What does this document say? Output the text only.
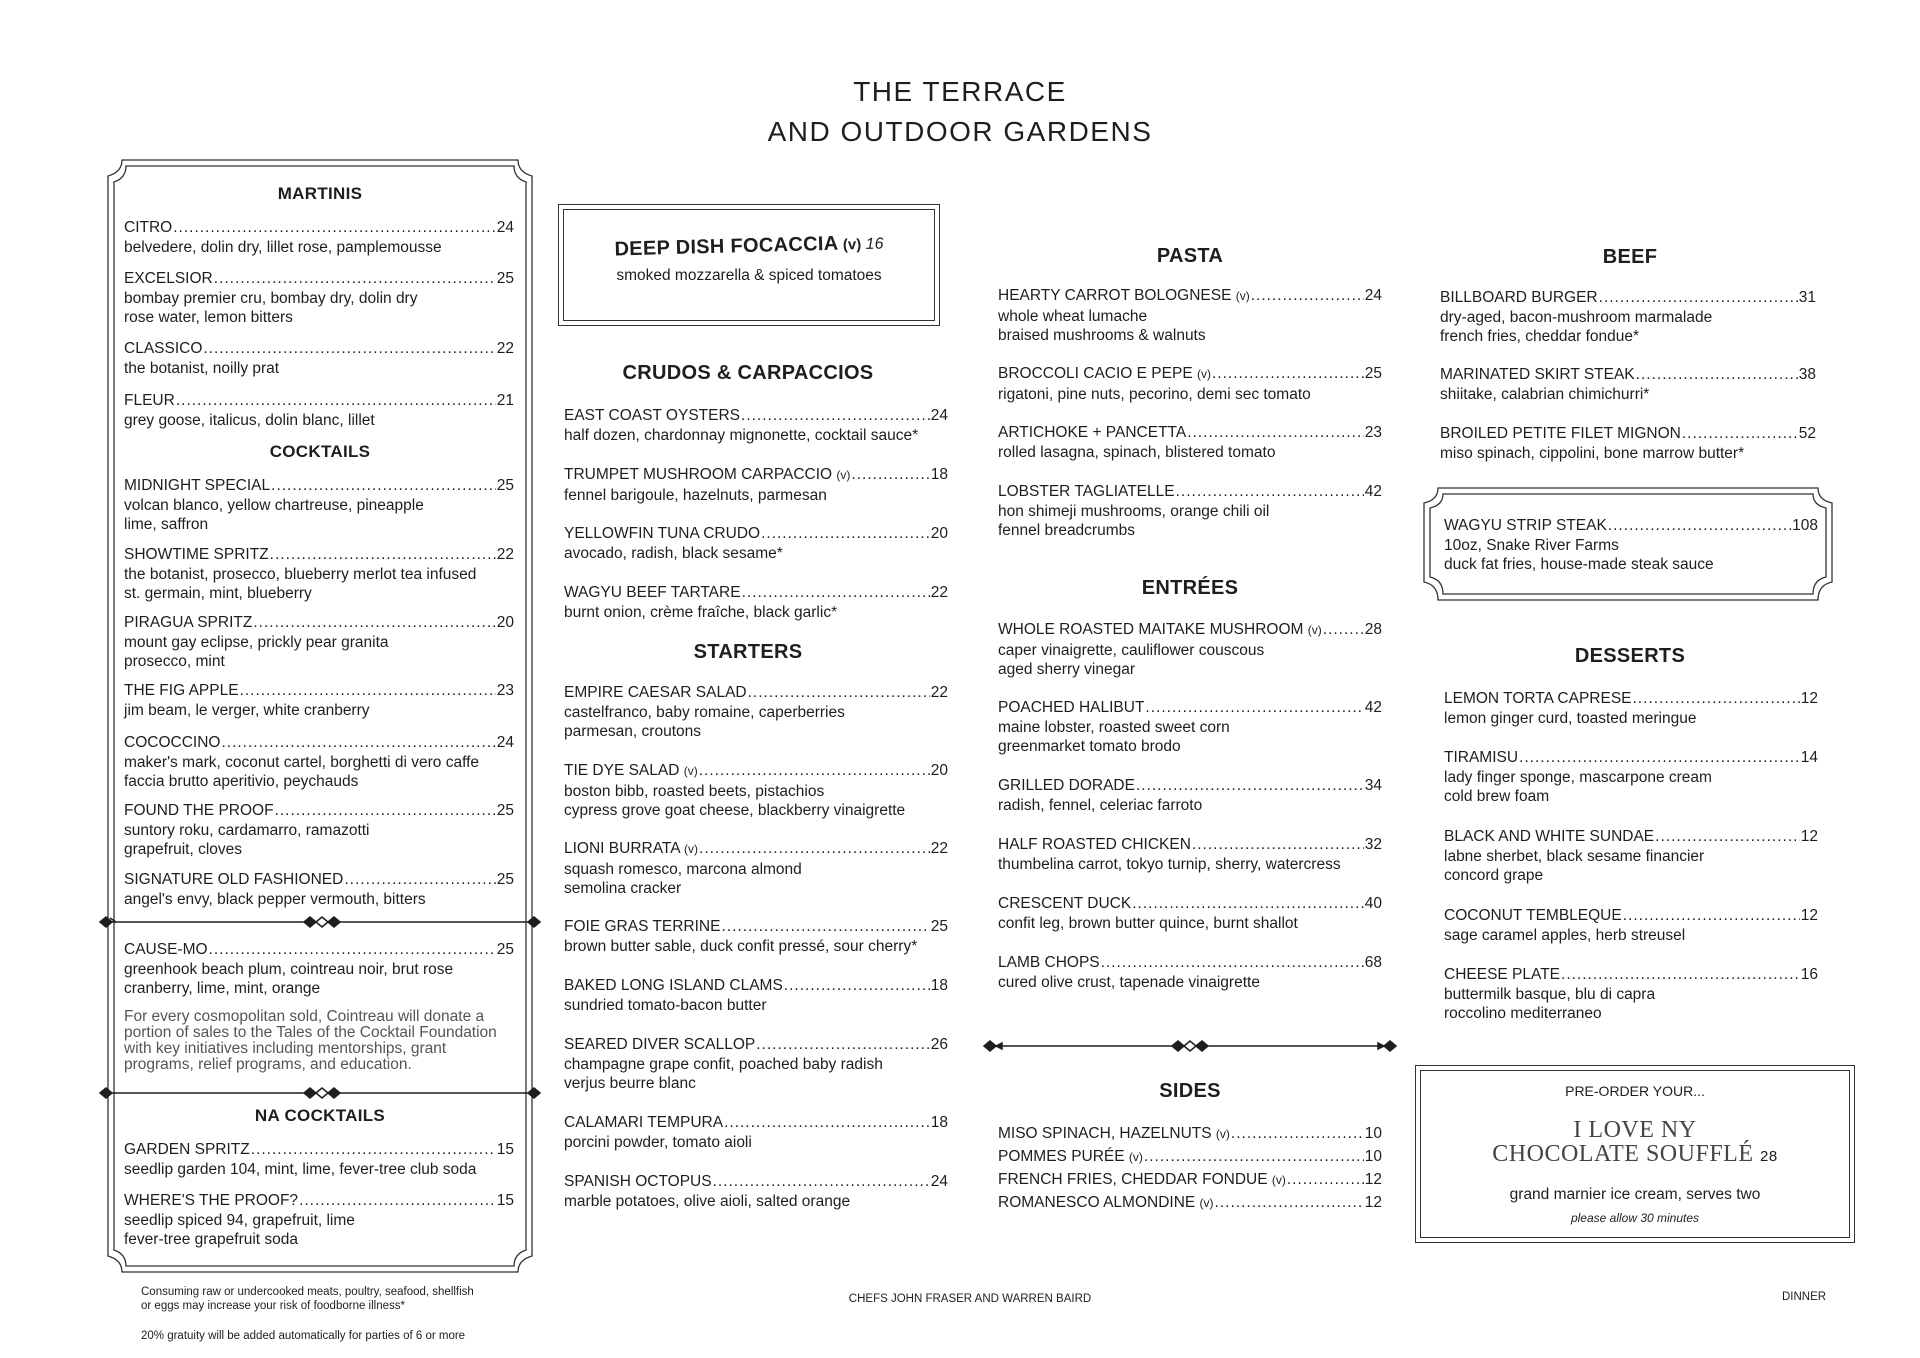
THE TERRACE
AND OUTDOOR GARDENS
MARTINIS
CITRO .....	24
belvedere, dolin dry, lillet rose, pamplemousse
EXCELSIOR .....	25
bombay premier cru, bombay dry, dolin dry
rose water, lemon bitters
CLASSICO .....	22
the botanist, noilly prat
FLEUR .....	21
grey goose, italicus, dolin blanc, lillet
COCKTAILS
MIDNIGHT SPECIAL .....	25
volcan blanco, yellow chartreuse, pineapple
lime, saffron
SHOWTIME SPRITZ .....	22
the botanist, prosecco, blueberry merlot tea infused
st. germain, mint, blueberry
PIRAGUA SPRITZ .....	20
mount gay eclipse, prickly pear granita
prosecco, mint
THE FIG APPLE .....	23
jim beam, le verger, white cranberry
COCOCCINO .....	24
maker's mark, coconut cartel, borghetti di vero caffe
faccia brutto aperitivio, peychauds
FOUND THE PROOF .....	25
suntory roku, cardamarro, ramazotti
grapefruit, cloves
SIGNATURE OLD FASHIONED .....	25
angel's envy, black pepper vermouth, bitters
CAUSE-MO .....	25
greenhook beach plum, cointreau noir, brut rose
cranberry, lime, mint, orange
For every cosmopolitan sold, Cointreau will donate a
portion of sales to the Tales of the Cocktail Foundation
with key initiatives including mentorships, grant
programs, relief programs, and education.
NA COCKTAILS
GARDEN SPRITZ .....	15
seedlip garden 104, mint, lime, fever-tree club soda
WHERE'S THE PROOF? .....	15
seedlip spiced 94, grapefruit, lime
fever-tree grapefruit soda
DEEP DISH FOCACCIA (v) 16
smoked mozzarella & spiced tomatoes
CRUDOS & CARPACCIOS
EAST COAST OYSTERS .....	24
half dozen, chardonnay mignonette, cocktail sauce*
TRUMPET MUSHROOM CARPACCIO (v) .....	18
fennel barigoule, hazelnuts, parmesan
YELLOWFIN TUNA CRUDO .....	20
avocado, radish, black sesame*
WAGYU BEEF TARTARE .....	22
burnt onion, crème fraîche, black garlic*
STARTERS
EMPIRE CAESAR SALAD .....	22
castelfranco, baby romaine, caperberries
parmesan, croutons
TIE DYE SALAD (v) .....	20
boston bibb, roasted beets, pistachios
cypress grove goat cheese, blackberry vinaigrette
LIONI BURRATA (v) .....	22
squash romesco, marcona almond
semolina cracker
FOIE GRAS TERRINE .....	25
brown butter sable, duck confit pressé, sour cherry*
BAKED LONG ISLAND CLAMS .....	18
sundried tomato-bacon butter
SEARED DIVER SCALLOP .....	26
champagne grape confit, poached baby radish
verjus beurre blanc
CALAMARI TEMPURA .....	18
porcini powder, tomato aioli
SPANISH OCTOPUS .....	24
marble potatoes, olive aioli, salted orange
PASTA
HEARTY CARROT BOLOGNESE (v) .....	24
whole wheat lumache
braised mushrooms & walnuts
BROCCOLI CACIO E PEPE (v) .....	25
rigatoni, pine nuts, pecorino, demi sec tomato
ARTICHOKE + PANCETTA .....	23
rolled lasagna, spinach, blistered tomato
LOBSTER TAGLIATELLE .....	42
hon shimeji mushrooms, orange chili oil
fennel breadcrumbs
ENTRÉES
WHOLE ROASTED MAITAKE MUSHROOM (v) .....	28
caper vinaigrette, cauliflower couscous
aged sherry vinegar
POACHED HALIBUT .....	42
maine lobster, roasted sweet corn
greenmarket tomato brodo
GRILLED DORADE .....	34
radish, fennel, celeriac farroto
HALF ROASTED CHICKEN .....	32
thumbelina carrot, tokyo turnip, sherry, watercress
CRESCENT DUCK .....	40
confit leg, brown butter quince, burnt shallot
LAMB CHOPS .....	68
cured olive crust, tapenade vinaigrette
SIDES
MISO SPINACH, HAZELNUTS (v) .....	10
POMMES PURÉE (v) .....	10
FRENCH FRIES, CHEDDAR FONDUE (v) .....	12
ROMANESCO ALMONDINE (v) .....	12
BEEF
BILLBOARD BURGER .....	31
dry-aged, bacon-mushroom marmalade
french fries, cheddar fondue*
MARINATED SKIRT STEAK .....	38
shiitake, calabrian chimichurri*
BROILED PETITE FILET MIGNON .....	52
miso spinach, cippolini, bone marrow butter*
WAGYU STRIP STEAK .....	108
10oz, Snake River Farms
duck fat fries, house-made steak sauce
DESSERTS
LEMON TORTA CAPRESE .....	12
lemon ginger curd, toasted meringue
TIRAMISU .....	14
lady finger sponge, mascarpone cream
cold brew foam
BLACK AND WHITE SUNDAE .....	12
labne sherbet, black sesame financier
concord grape
COCONUT TEMBLEQUE .....	12
sage caramel apples, herb streusel
CHEESE PLATE .....	16
buttermilk basque, blu di capra
roccolino mediterraneo
PRE-ORDER YOUR...
I LOVE NY
CHOCOLATE SOUFFLÉ 28
grand marnier ice cream, serves two
please allow 30 minutes
Consuming raw or undercooked meats, poultry, seafood, shellfish
or eggs may increase your risk of foodborne illness*
20% gratuity will be added automatically for parties of 6 or more
CHEFS JOHN FRASER AND WARREN BAIRD	DINNER
